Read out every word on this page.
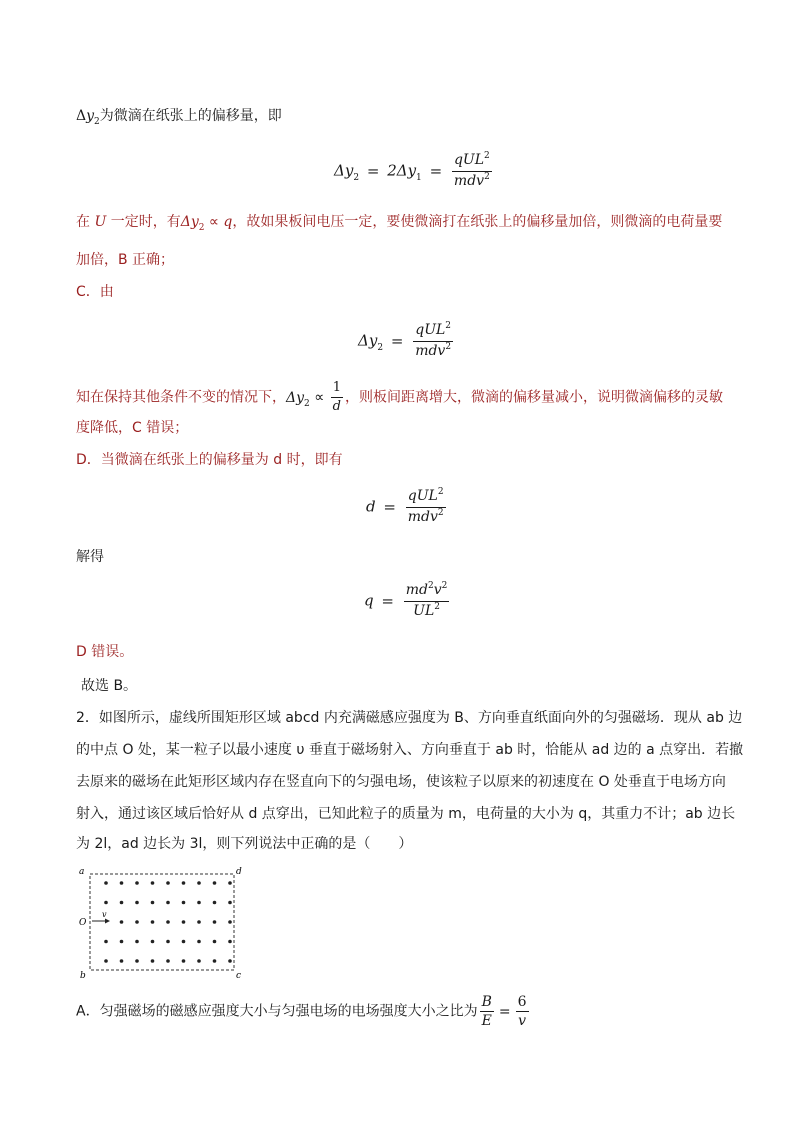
$\Delta y_2$为微滴在纸张上的偏移量，即
$\Delta y_2 = 2\Delta y_1 = \frac{qUL^2}{mdv^2}$
在 U 一定时，有$\Delta y_2 \propto q$，故如果板间电压一定，要使微滴打在纸张上的偏移量加倍，则微滴的电荷量要
加倍，B 正确；
C．由
$\Delta y_2 = \frac{qUL^2}{mdv^2}$
知在保持其他条件不变的情况下，$\Delta y_2 \propto \frac{1}{d}$ ，则板间距离增大，微滴的偏移量减小，说明微滴偏移的灵敏
度降低，C 错误；
D．当微滴在纸张上的偏移量为 d 时，即有
$d = \frac{qUL^2}{mdv^2}$
解得
$q = \frac{md^2v^2}{UL^2}$
D 错误。
故选 B。
2．如图所示，虚线所围矩形区域 abcd 内充满磁感应强度为 B、方向垂直纸面向外的匀强磁场．现从 ab 边
的中点 O 处，某一粒子以最小速度 υ 垂直于磁场射入、方向垂直于 ab 时，恰能从 ad 边的 a 点穿出．若撤
去原来的磁场在此矩形区域内存在竖直向下的匀强电场，使该粒子以原来的初速度在 O 处垂直于电场方向
射入，通过该区域后恰好从 d 点穿出，已知此粒子的质量为 m，电荷量的大小为 q，其重力不计；ab 边长
为 2l，ad 边长为 3l，则下列说法中正确的是（　　）
a
b	c
d
O
v
A．匀强磁场的磁感应强度大小与匀强电场的电场强度大小之比为 $\frac{B}{E} = \frac{6}{v}$
